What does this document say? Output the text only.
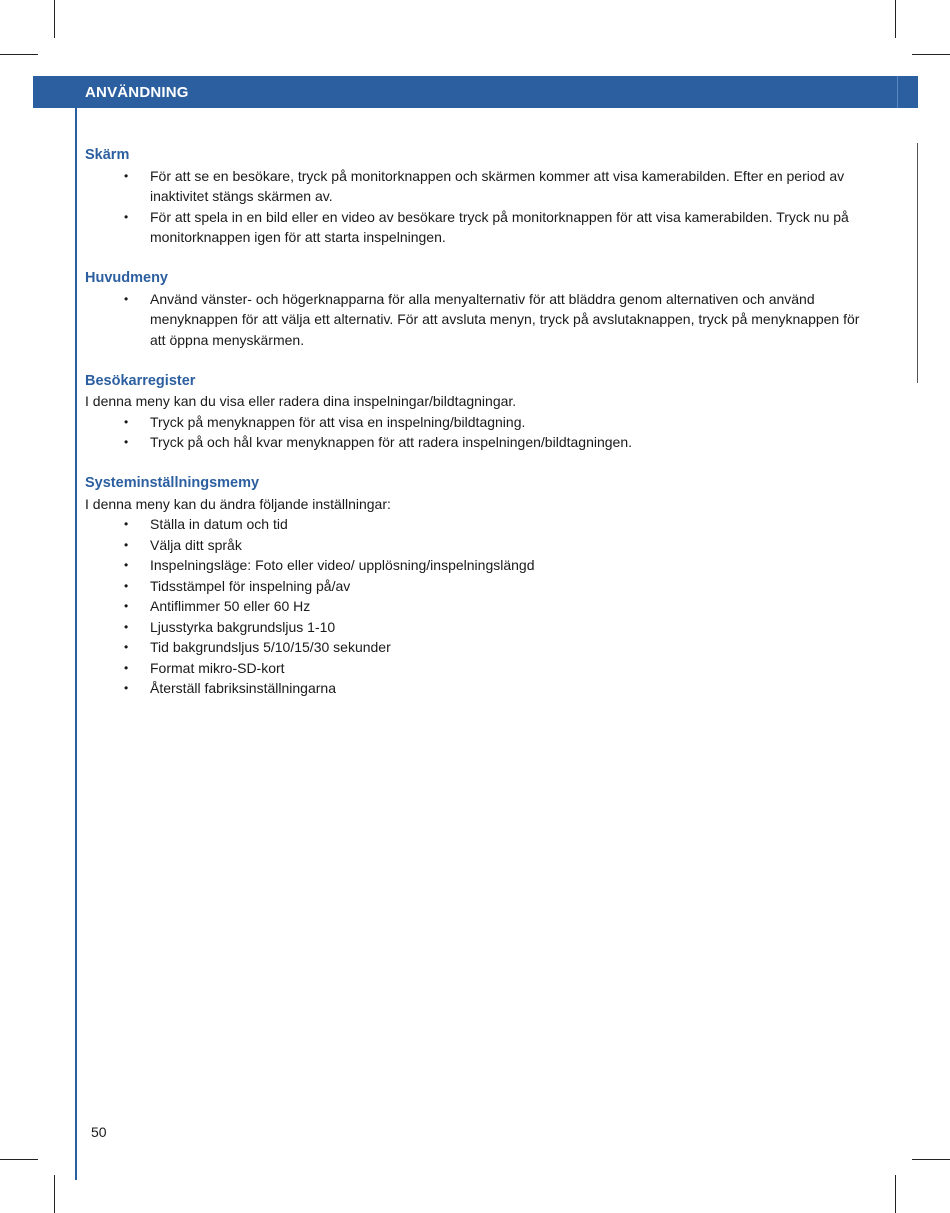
ANVÄNDNING
Skärm
• För att se en besökare, tryck på monitorknappen och skärmen kommer att visa kamerabilden. Efter en period av inaktivitet stängs skärmen av.
• För att spela in en bild eller en video av besökare tryck på monitorknappen för att visa kamerabilden. Tryck nu på monitorknappen igen för att starta inspelningen.
Huvudmeny
• Använd vänster- och högerknapparna för alla menyalternativ för att bläddra genom alternativen och använd menyknappen för att välja ett alternativ. För att avsluta menyn, tryck på avslutaknappen, tryck på menyknappen för att öppna menyskärmen.
Besökarregister
I denna meny kan du visa eller radera dina inspelningar/bildtagningar.
• Tryck på menyknappen för att visa en inspelning/bildtagning.
• Tryck på och hål kvar menyknappen för att radera inspelningen/bildtagningen.
Systeminställningsmemy
I denna meny kan du ändra följande inställningar:
• Ställa in datum och tid
• Välja ditt språk
• Inspelningsläge: Foto eller video/ upplösning/inspelningslängd
• Tidsstämpel för inspelning på/av
• Antiflimmer 50 eller 60 Hz
• Ljusstyrka bakgrundsljus 1-10
• Tid bakgrundsljus 5/10/15/30 sekunder
• Format mikro-SD-kort
• Återställ fabriksinställningarna
50
